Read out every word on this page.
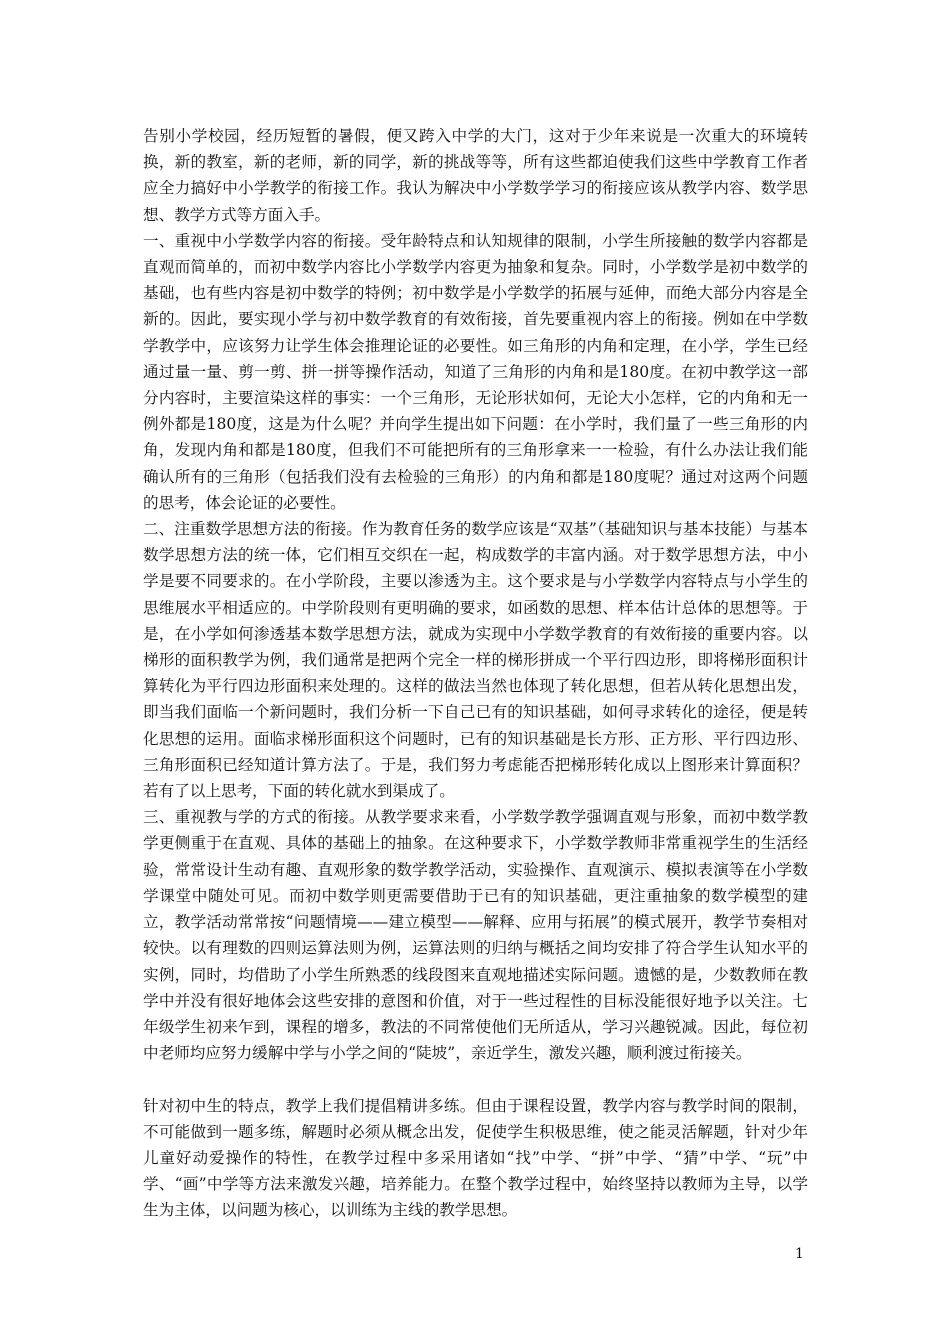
告别小学校园，经历短暂的暑假，便又跨入中学的大门，这对于少年来说是一次重大的环境转换，新的教室，新的老师，新的同学，新的挑战等等，所有这些都迫使我们这些中学教育工作者应全力搞好中小学教学的衔接工作。我认为解决中小学数学学习的衔接应该从教学内容、数学思想、教学方式等方面入手。

一、重视中小学数学内容的衔接。受年龄特点和认知规律的限制，小学生所接触的数学内容都是直观而简单的，而初中数学内容比小学数学内容更为抽象和复杂。同时，小学数学是初中数学的基础，也有些内容是初中数学的特例；初中数学是小学数学的拓展与延伸，而绝大部分内容是全新的。因此，要实现小学与初中数学教育的有效衔接，首先要重视内容上的衔接。例如在中学数学教学中，应该努力让学生体会推理论证的必要性。如三角形的内角和定理，在小学，学生已经通过量一量、剪一剪、拼一拼等操作活动，知道了三角形的内角和是180度。在初中教学这一部分内容时，主要渲染这样的事实：一个三角形，无论形状如何，无论大小怎样，它的内角和无一例外都是180度，这是为什么呢？并向学生提出如下问题：在小学时，我们量了一些三角形的内角，发现内角和都是180度，但我们不可能把所有的三角形拿来一一检验，有什么办法让我们能确认所有的三角形（包括我们没有去检验的三角形）的内角和都是180度呢？通过对这两个问题的思考，体会论证的必要性。

二、注重数学思想方法的衔接。作为教育任务的数学应该是“双基”（基础知识与基本技能）与基本数学思想方法的统一体，它们相互交织在一起，构成数学的丰富内涵。对于数学思想方法，中小学是要不同要求的。在小学阶段，主要以渗透为主。这个要求是与小学数学内容特点与小学生的思维展水平相适应的。中学阶段则有更明确的要求，如函数的思想、样本估计总体的思想等。于是，在小学如何渗透基本数学思想方法，就成为实现中小学数学教育的有效衔接的重要内容。以梯形的面积教学为例，我们通常是把两个完全一样的梯形拼成一个平行四边形，即将梯形面积计算转化为平行四边形面积来处理的。这样的做法当然也体现了转化思想，但若从转化思想出发，即当我们面临一个新问题时，我们分析一下自己已有的知识基础，如何寻求转化的途径，便是转化思想的运用。面临求梯形面积这个问题时，已有的知识基础是长方形、正方形、平行四边形、三角形面积已经知道计算方法了。于是，我们努力考虑能否把梯形转化成以上图形来计算面积？若有了以上思考，下面的转化就水到渠成了。

三、重视教与学的方式的衔接。从教学要求来看，小学数学教学强调直观与形象，而初中数学教学更侧重于在直观、具体的基础上的抽象。在这种要求下，小学数学教师非常重视学生的生活经验，常常设计生动有趣、直观形象的数学教学活动，实验操作、直观演示、模拟表演等在小学数学课堂中随处可见。而初中数学则更需要借助于已有的知识基础，更注重抽象的数学模型的建立，教学活动常常按“问题情境——建立模型——解释、应用与拓展”的模式展开，教学节奏相对较快。以有理数的四则运算法则为例，运算法则的归纳与概括之间均安排了符合学生认知水平的实例，同时，均借助了小学生所熟悉的线段图来直观地描述实际问题。遗憾的是，少数教师在教学中并没有很好地体会这些安排的意图和价值，对于一些过程性的目标没能很好地予以关注。七年级学生初来乍到，课程的增多，教法的不同常使他们无所适从，学习兴趣锐减。因此，每位初中老师均应努力缓解中学与小学之间的“陡坡”，亲近学生，激发兴趣，顺利渡过衔接关。

针对初中生的特点，教学上我们提倡精讲多练。但由于课程设置，教学内容与教学时间的限制，不可能做到一题多练，解题时必须从概念出发，促使学生积极思维，使之能灵活解题，针对少年儿童好动爱操作的特性，在教学过程中多采用诸如“找”中学、“拼”中学、“猜”中学、“玩”中学、“画”中学等方法来激发兴趣，培养能力。在整个教学过程中，始终坚持以教师为主导，以学生为主体，以问题为核心，以训练为主线的教学思想。

1
